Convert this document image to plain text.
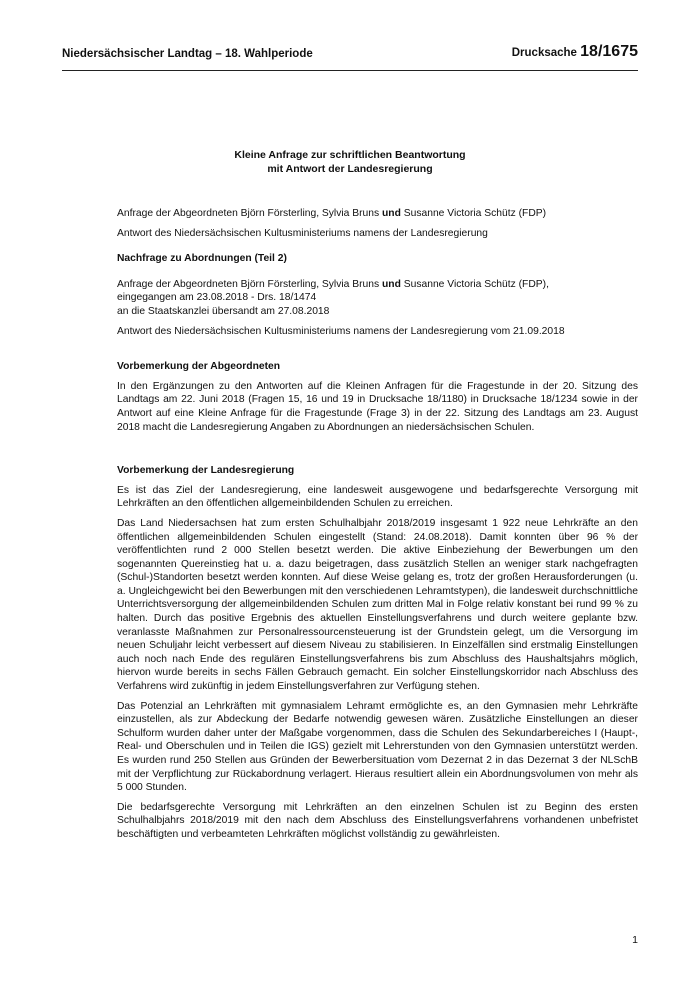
Niedersächsischer Landtag – 18. Wahlperiode	Drucksache 18/1675
Kleine Anfrage zur schriftlichen Beantwortung
mit Antwort der Landesregierung

Anfrage der Abgeordneten Björn Försterling, Sylvia Bruns und Susanne Victoria Schütz (FDP)

Antwort des Niedersächsischen Kultusministeriums namens der Landesregierung

Nachfrage zu Abordnungen (Teil 2)

Anfrage der Abgeordneten Björn Försterling, Sylvia Bruns und Susanne Victoria Schütz (FDP),

eingegangen am 23.08.2018 - Drs. 18/1474

an die Staatskanzlei übersandt am 27.08.2018

Antwort des Niedersächsischen Kultusministeriums namens der Landesregierung vom 21.09.2018

Vorbemerkung der Abgeordneten

In den Ergänzungen zu den Antworten auf die Kleinen Anfragen für die Fragestunde in der 20. Sitzung des Landtags am 22. Juni 2018 (Fragen 15, 16 und 19 in Drucksache 18/1180) in Drucksache 18/1234 sowie in der Antwort auf eine Kleine Anfrage für die Fragestunde (Frage 3) in der 22. Sitzung des Landtags am 23. August 2018 macht die Landesregierung Angaben zu Abordnungen an niedersächsischen Schulen.

Vorbemerkung der Landesregierung

Es ist das Ziel der Landesregierung, eine landesweit ausgewogene und bedarfsgerechte Versorgung mit Lehrkräften an den öffentlichen allgemeinbildenden Schulen zu erreichen.

Das Land Niedersachsen hat zum ersten Schulhalbjahr 2018/2019 insgesamt 1 922 neue Lehrkräfte an den öffentlichen allgemeinbildenden Schulen eingestellt (Stand: 24.08.2018). Damit konnten über 96 % der veröffentlichten rund 2 000 Stellen besetzt werden. Die aktive Einbeziehung der Bewerbungen um den sogenannten Quereinstieg hat u. a. dazu beigetragen, dass zusätzlich Stellen an weniger stark nachgefragten (Schul-)Standorten besetzt werden konnten. Auf diese Weise gelang es, trotz der großen Herausforderungen (u. a. Ungleichgewicht bei den Bewerbungen mit den verschiedenen Lehramtstypen), die landesweit durchschnittliche Unterrichtsversorgung der allgemeinbildenden Schulen zum dritten Mal in Folge relativ konstant bei rund 99 % zu halten. Durch das positive Ergebnis des aktuellen Einstellungsverfahrens und durch weitere geplante bzw. veranlasste Maßnahmen zur Personalressourcensteuerung ist der Grundstein gelegt, um die Versorgung im neuen Schuljahr leicht verbessert auf diesem Niveau zu stabilisieren. In Einzelfällen sind erstmalig Einstellungen auch noch nach Ende des regulären Einstellungsverfahrens bis zum Abschluss des Haushaltsjahrs möglich, hiervon wurde bereits in sechs Fällen Gebrauch gemacht. Ein solcher Einstellungskorridor nach Abschluss des Verfahrens wird zukünftig in jedem Einstellungsverfahren zur Verfügung stehen.

Das Potenzial an Lehrkräften mit gymnasialem Lehramt ermöglichte es, an den Gymnasien mehr Lehrkräfte einzustellen, als zur Abdeckung der Bedarfe notwendig gewesen wären. Zusätzliche Einstellungen an dieser Schulform wurden daher unter der Maßgabe vorgenommen, dass die Schulen des Sekundarbereiches I (Haupt-, Real- und Oberschulen und in Teilen die IGS) gezielt mit Lehrerstunden von den Gymnasien unterstützt werden. Es wurden rund 250 Stellen aus Gründen der Bewerbersituation vom Dezernat 2 in das Dezernat 3 der NLSchB mit der Verpflichtung zur Rückabordnung verlagert. Hieraus resultiert allein ein Abordnungsvolumen von mehr als 5 000 Stunden.

Die bedarfsgerechte Versorgung mit Lehrkräften an den einzelnen Schulen ist zu Beginn des ersten Schulhalbjahrs 2018/2019 mit den nach dem Abschluss des Einstellungsverfahrens vorhandenen unbefristet beschäftigten und verbeamteten Lehrkräften möglichst vollständig zu gewährleisten.

1
